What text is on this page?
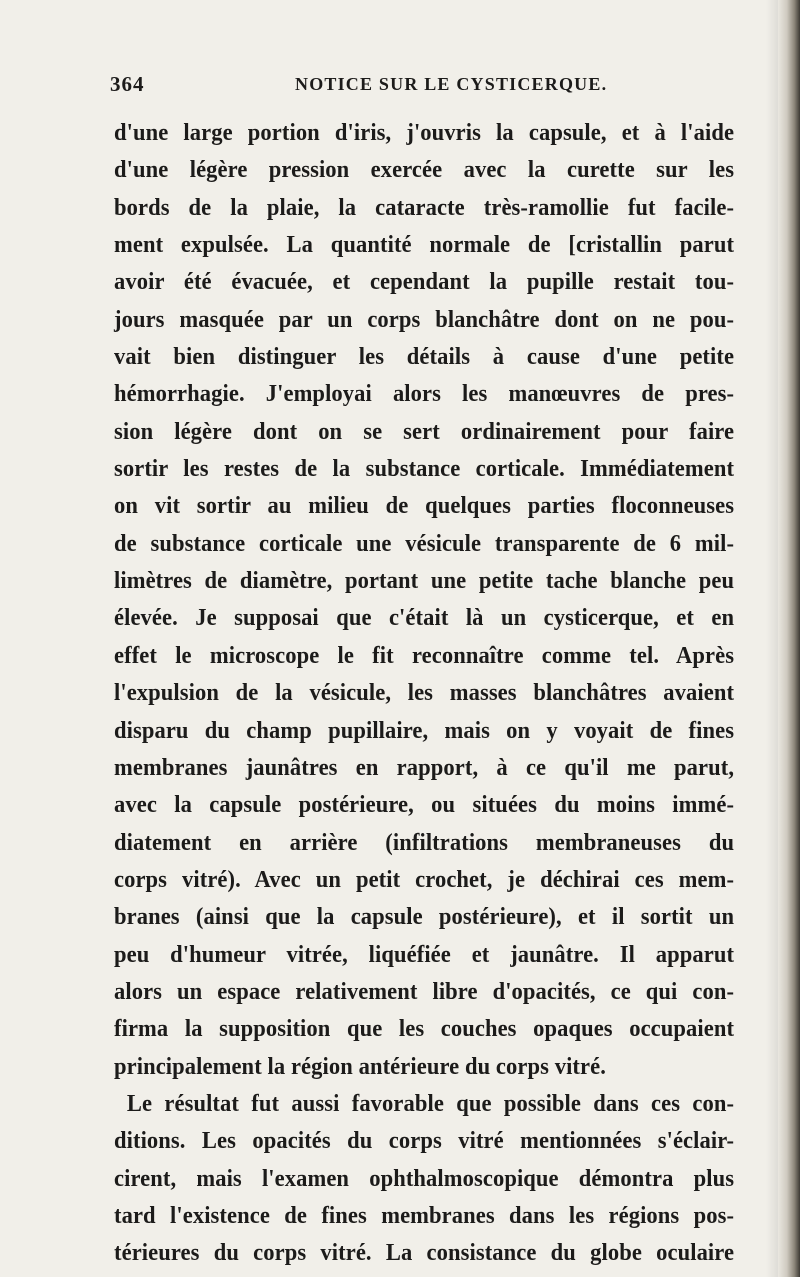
364	NOTICE SUR LE CYSTICERQUE.
d'une large portion d'iris, j'ouvris la capsule, et à l'aide
d'une légère pression exercée avec la curette sur les
bords de la plaie, la cataracte très-ramollie fut facile-
ment expulsée. La quantité normale de [cristallin parut
avoir été évacuée, et cependant la pupille restait tou-
jours masquée par un corps blanchâtre dont on ne pou-
vait bien distinguer les détails à cause d'une petite
hémorrhagie. J'employai alors les manœuvres de pres-
sion légère dont on se sert ordinairement pour faire
sortir les restes de la substance corticale. Immédiatement
on vit sortir au milieu de quelques parties floconneuses
de substance corticale une vésicule transparente de 6 mil-
limètres de diamètre, portant une petite tache blanche peu
élevée. Je supposai que c'était là un cysticerque, et en
effet le microscope le fit reconnaître comme tel. Après
l'expulsion de la vésicule, les masses blanchâtres avaient
disparu du champ pupillaire, mais on y voyait de fines
membranes jaunâtres en rapport, à ce qu'il me parut,
avec la capsule postérieure, ou situées du moins immé-
diatement en arrière (infiltrations membraneuses du
corps vitré). Avec un petit crochet, je déchirai ces mem-
branes (ainsi que la capsule postérieure), et il sortit un
peu d'humeur vitrée, liquéfiée et jaunâtre. Il apparut
alors un espace relativement libre d'opacités, ce qui con-
firma la supposition que les couches opaques occupaient
principalement la région antérieure du corps vitré.
Le résultat fut aussi favorable que possible dans ces con-
ditions. Les opacités du corps vitré mentionnées s'éclair-
cirent, mais l'examen ophthalmoscopique démontra plus
tard l'existence de fines membranes dans les régions pos-
térieures du corps vitré. La consistance du globe oculaire
